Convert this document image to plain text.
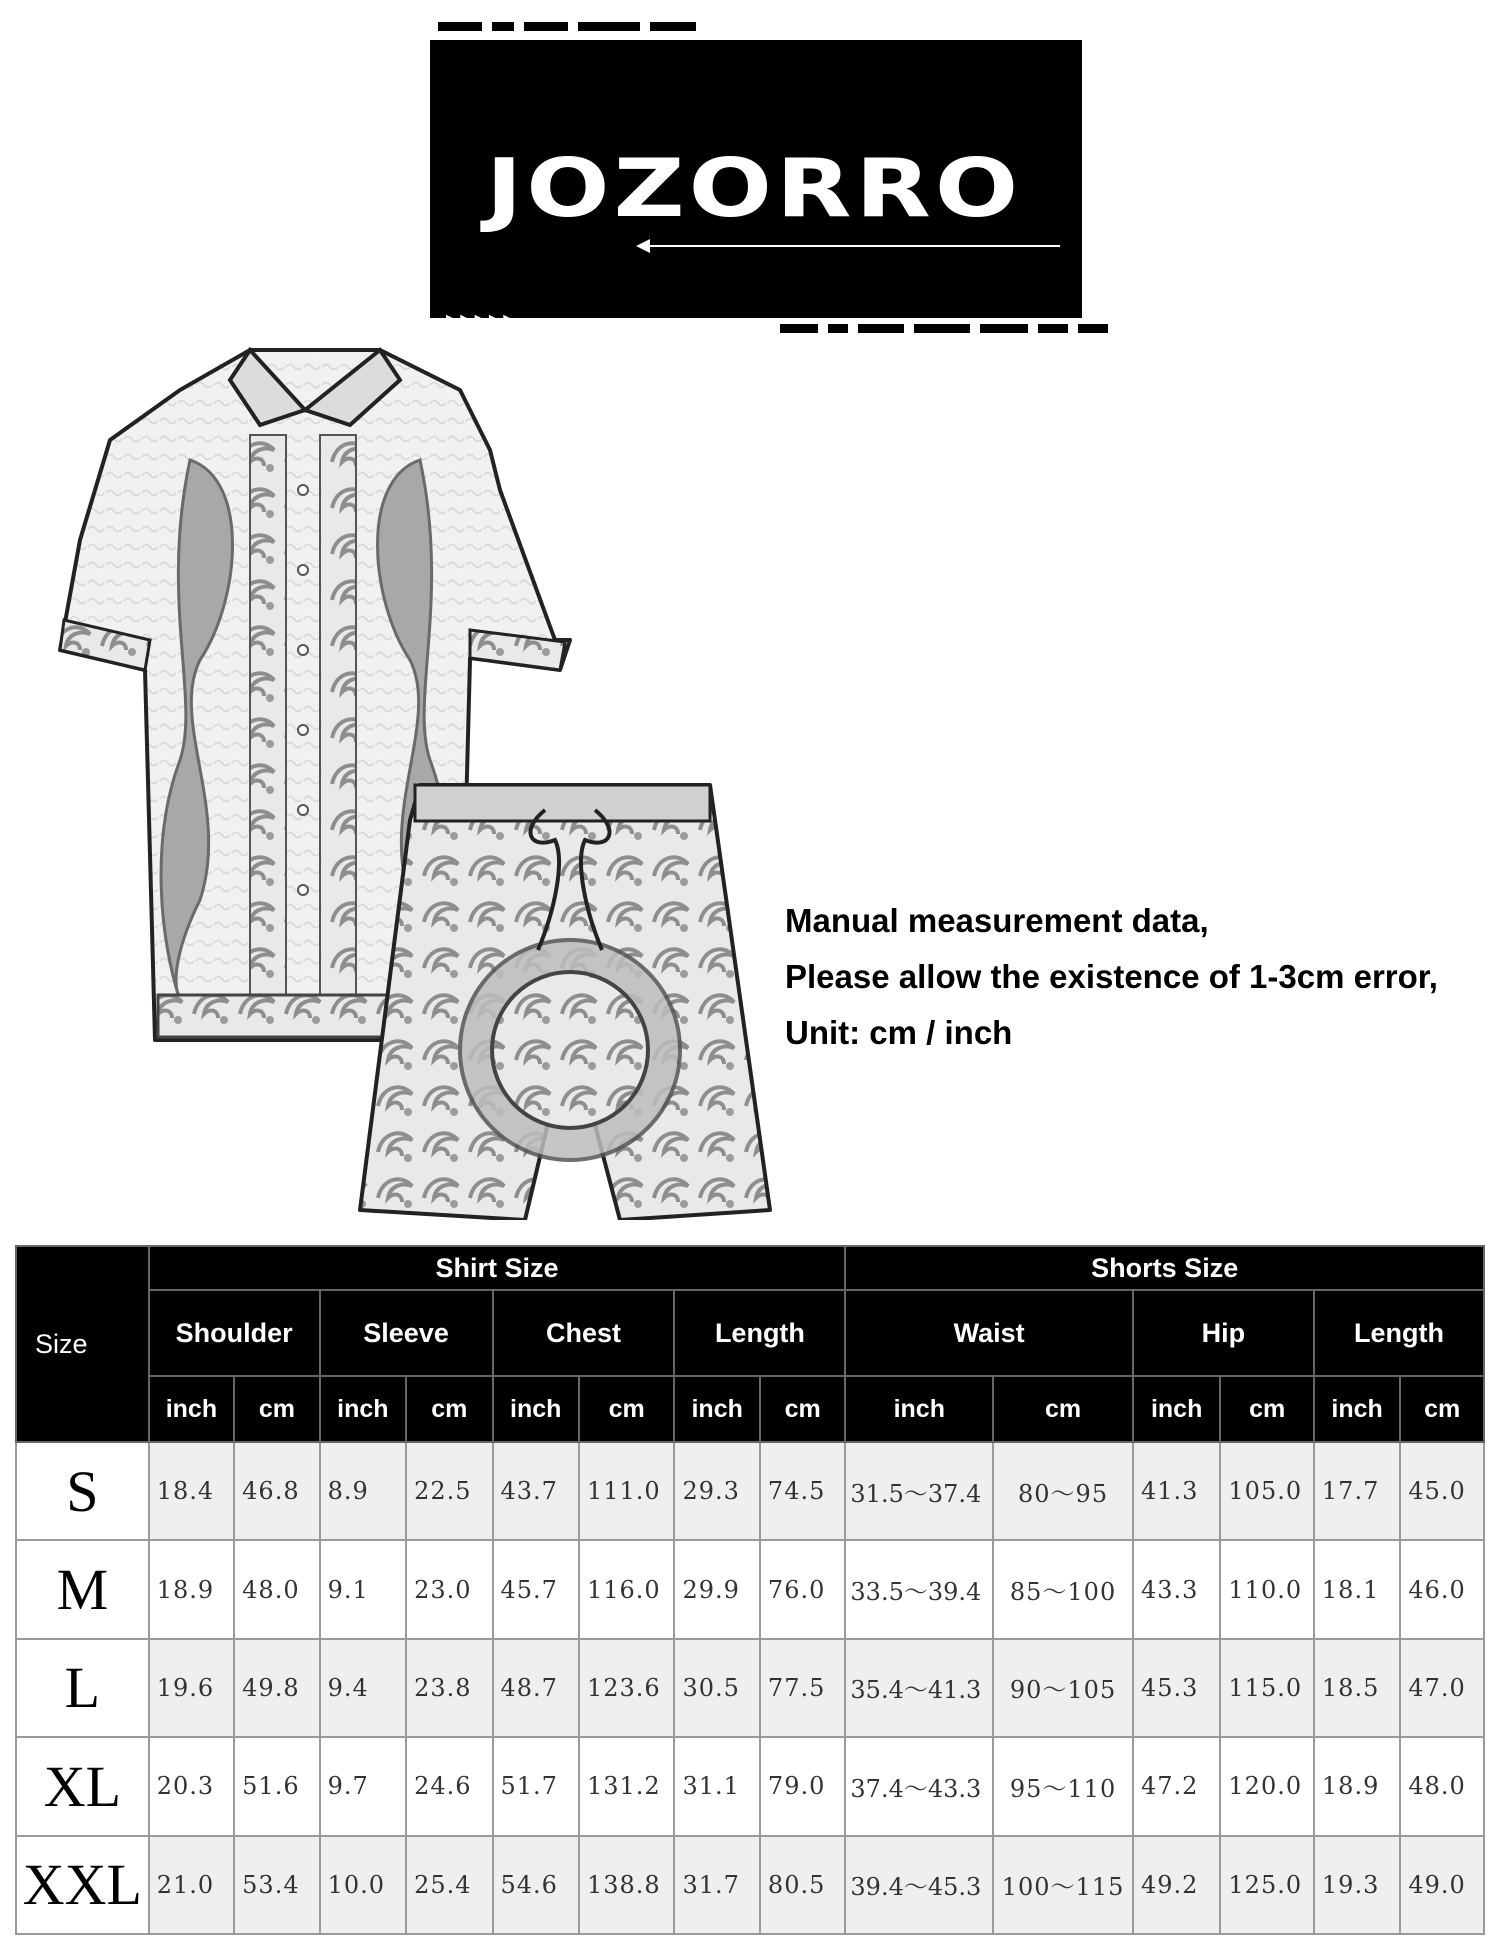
JOZORRO
▶▶▶▶▶
Manual measurement data,
Please allow the existence of 1-3cm error,
Unit: cm / inch
Size	Shirt Size								Shorts Size					
	Shoulder		Sleeve		Chest		Length		Waist		Hip		Length	
	inch	cm	inch	cm	inch	cm	inch	cm	inch	cm	inch	cm	inch	cm
S	18.4	46.8	8.9	22.5	43.7	111.0	29.3	74.5	31.5～37.4	80～95	41.3	105.0	17.7	45.0
M	18.9	48.0	9.1	23.0	45.7	116.0	29.9	76.0	33.5～39.4	85～100	43.3	110.0	18.1	46.0
L	19.6	49.8	9.4	23.8	48.7	123.6	30.5	77.5	35.4～41.3	90～105	45.3	115.0	18.5	47.0
XL	20.3	51.6	9.7	24.6	51.7	131.2	31.1	79.0	37.4～43.3	95～110	47.2	120.0	18.9	48.0
XXL	21.0	53.4	10.0	25.4	54.6	138.8	31.7	80.5	39.4～45.3	100～115	49.2	125.0	19.3	49.0
